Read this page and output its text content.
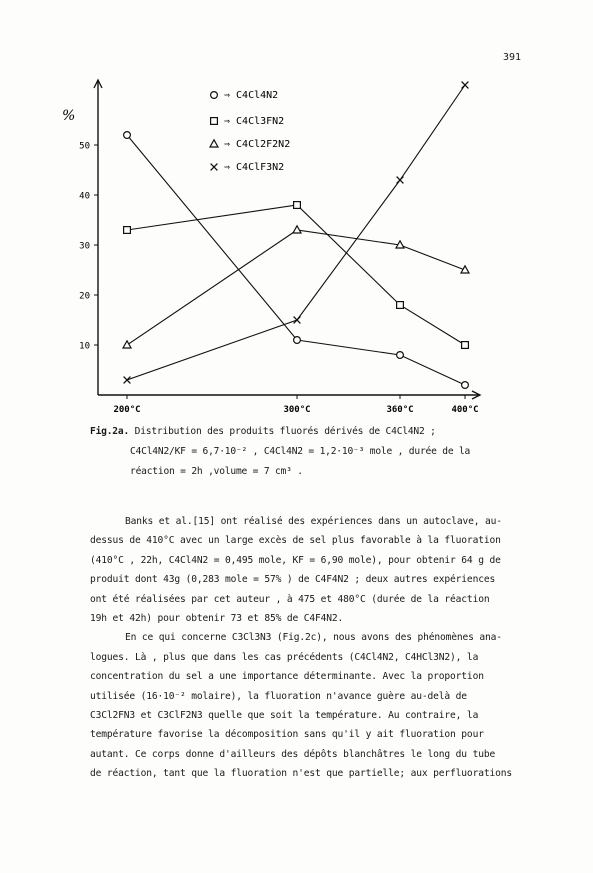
391
10
20
30
40
50
200°C	300°C	360°C	400°C
⇒ C4Cl4N2
⇒ C4Cl3FN2
⇒ C4Cl2F2N2
⇒ C4ClF3N2
%
Fig.2a. Distribution des produits fluorés dérivés de C4Cl4N2 ;
C4Cl4N2/KF = 6,7·10⁻² , C4Cl4N2 = 1,2·10⁻³ mole , durée de la
réaction = 2h ,volume = 7 cm³ .
Banks et al.[15] ont réalisé des expériences dans un autoclave, au-
dessus de 410°C avec un large excès de sel plus favorable à la fluoration
(410°C , 22h, C4Cl4N2 = 0,495 mole, KF = 6,90 mole), pour obtenir 64 g de
produit dont 43g (0,283 mole = 57% ) de C4F4N2 ; deux autres expériences
ont été réalisées par cet auteur , à 475 et 480°C (durée de la réaction
19h et 42h) pour obtenir 73 et 85% de C4F4N2.
En ce qui concerne C3Cl3N3 (Fig.2c), nous avons des phénomènes ana-
logues. Là , plus que dans les cas précédents (C4Cl4N2, C4HCl3N2), la
concentration du sel a une importance déterminante. Avec la proportion
utilisée (16·10⁻² molaire), la fluoration n'avance guère au-delà de
C3Cl2FN3 et C3ClF2N3 quelle que soit la température. Au contraire, la
température favorise la décomposition sans qu'il y ait fluoration pour
autant. Ce corps donne d'ailleurs des dépôts blanchâtres le long du tube
de réaction, tant que la fluoration n'est que partielle; aux perfluorations
